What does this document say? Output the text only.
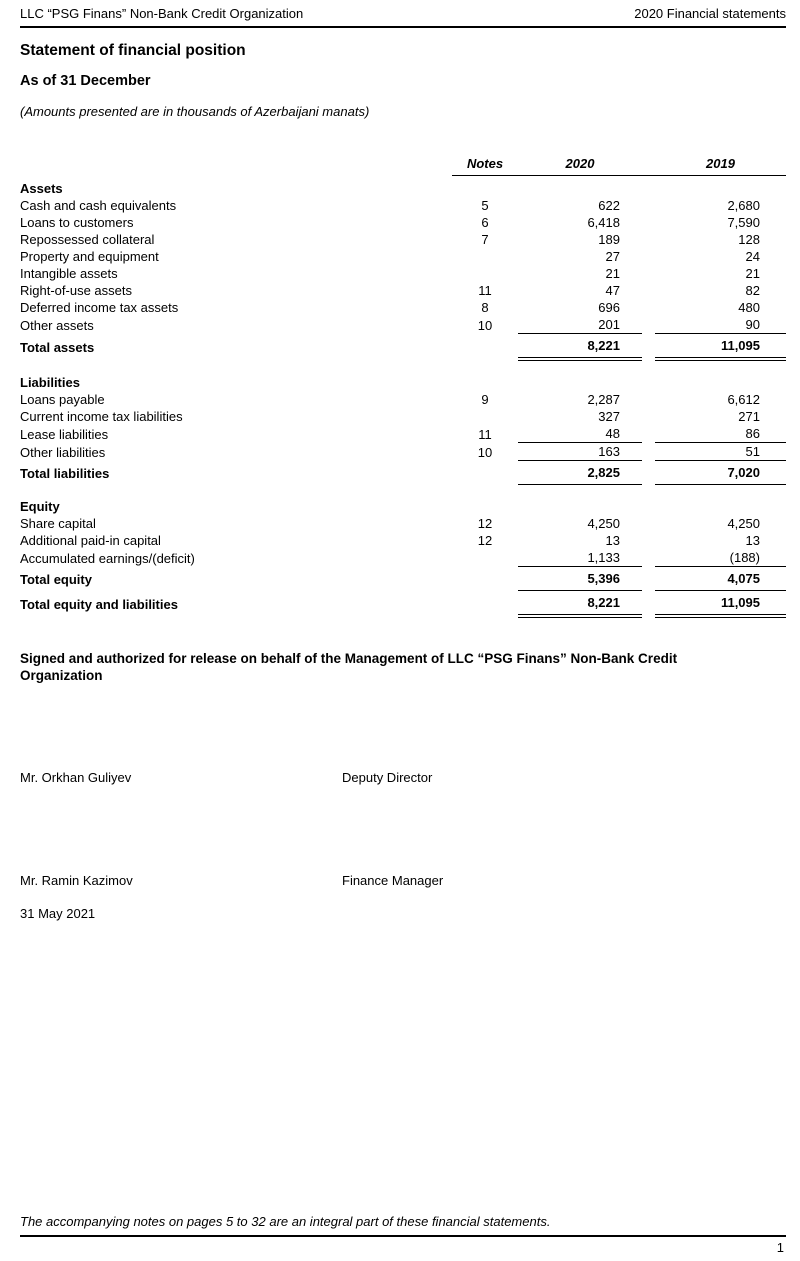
LLC “PSG Finans” Non-Bank Credit Organization	2020 Financial statements
Statement of financial position
As of 31 December

(Amounts presented are in thousands of Azerbaijani manats)

	Notes	2020		2019
Assets				
Cash and cash equivalents	5	622		2,680
Loans to customers	6	6,418		7,590
Repossessed collateral	7	189		128
Property and equipment		27		24
Intangible assets		21		21
Right-of-use assets	11	47		82
Deferred income tax assets	8	696		480
Other assets	10	201		90
Total assets		8,221		11,095
Liabilities				
Loans payable	9	2,287		6,612
Current income tax liabilities		327		271
Lease liabilities	11	48		86
Other liabilities	10	163		51
Total liabilities		2,825		7,020
Equity				
Share capital	12	4,250		4,250
Additional paid-in capital	12	13		13
Accumulated earnings/(deficit)		1,133		(188)
Total equity		5,396		4,075
Total equity and liabilities		8,221		11,095

Signed and authorized for release on behalf of the Management of LLC “PSG Finans” Non-Bank Credit Organization

Mr. Orkhan Guliyev	Deputy Director
Mr. Ramin Kazimov	Finance Manager

31 May 2021

The accompanying notes on pages 5 to 32 are an integral part of these financial statements.

1
